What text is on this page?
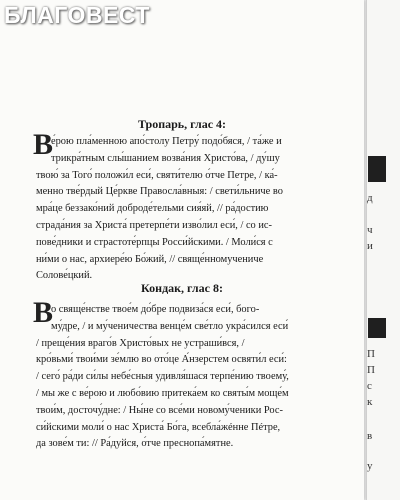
д
ч
и
П
П
с
к
в
у
БЛАГОВЕСТ
Тропарь, глас 4:
В
е́рою пла́менною апо́столу Петру́ подо́бяся, / та́же и
трикра́тным слы́шанием возва́ния Христо́ва, / ду́шу
твою́ за Того́ положи́л еси́, святи́телю о́тче Петре, / ка́-
менно тве́рдый Це́ркве Правосла́вныя: / свети́льниче во
мра́це беззако́ний доброде́тельми сия́яй, // ра́достию
страда́ния за Христа́ претерпе́ти изво́лил еси́, / со ис-
пове́дники и страстоте́рпцы Росси́йскими. / Моли́ся с
ни́ми о нас, архиере́ю Бо́жий, // свяще́нномучениче
Солове́цкий.
Кондак, глас 8:
В
о свяще́нстве твое́м до́бре подвиза́ся еси́, бого-
му́дре, / и му́ченичества венце́м све́тло укра́сился еси́
/ преще́ния враго́в Христо́вых не устраши́вся, /
кро́вьми́ твои́ми зе́млю во ото́це А́нзерстем освяти́л еси́:
/ сего́ ра́ди си́лы небе́сныя удивля́шася терпе́нию твоему́,
/ мы же с ве́рою и любо́вию притека́ем ко святы́м моще́м
твои́м, досточу́дне: / Ны́не со все́ми новому́ченики Рос-
си́йскими моли́ о нас Христа́ Бо́га, всебла́жéнне Пéтре,
да зове́м ти: // Ра́дуйся, о́тче преснопа́мятне.
